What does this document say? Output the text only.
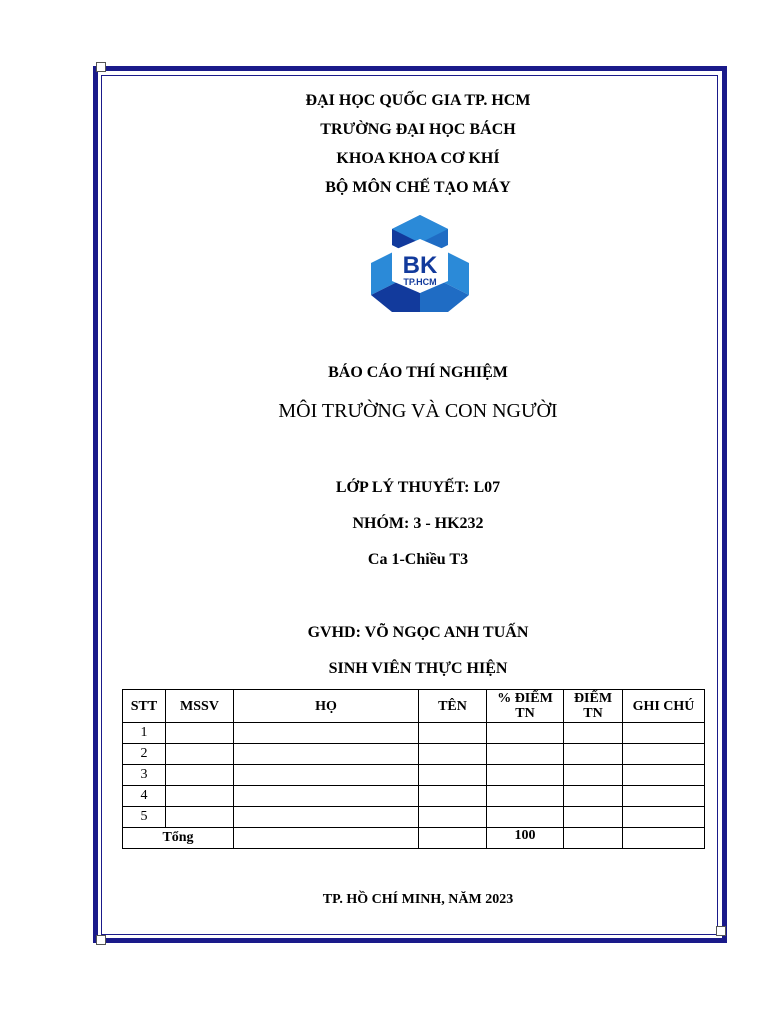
ĐẠI HỌC QUỐC GIA TP. HCM
TRƯỜNG ĐẠI HỌC BÁCH
KHOA KHOA CƠ KHÍ
BỘ MÔN CHẾ TẠO MÁY
BK
TP.HCM
BÁO CÁO THÍ NGHIỆM
MÔI TRƯỜNG VÀ CON NGƯỜI
LỚP LÝ THUYẾT: L07
NHÓM: 3 - HK232
Ca 1-Chiều T3
GVHD: VÕ NGỌC ANH TUẤN
SINH VIÊN THỰC HIỆN
STT	MSSV	HỌ	TÊN	% ĐIỂM TN	ĐIỂM TN	GHI CHÚ
1						
2						
3						
4						
5						
Tổng				100		
TP. HỒ CHÍ MINH, NĂM 2023
